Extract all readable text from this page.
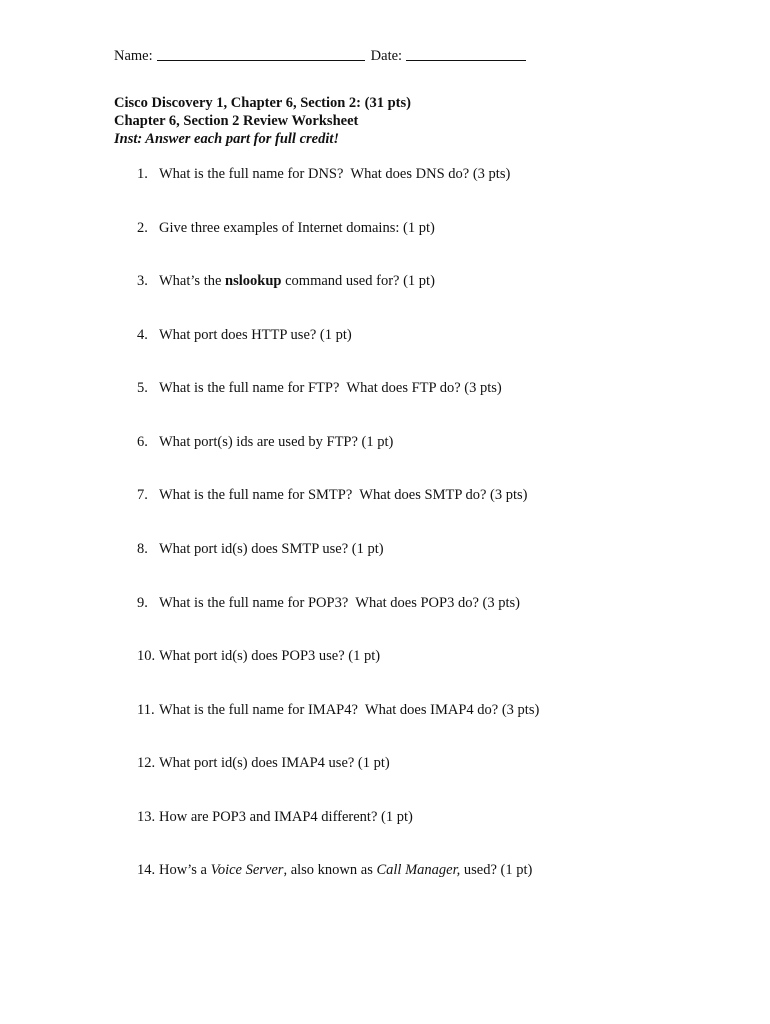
Name:	Date:
Cisco Discovery 1, Chapter 6, Section 2: (31 pts)
Chapter 6, Section 2 Review Worksheet
Inst: Answer each part for full credit!
1. What is the full name for DNS?  What does DNS do? (3 pts)
2. Give three examples of Internet domains: (1 pt)
3. What’s the nslookup command used for? (1 pt)
4. What port does HTTP use? (1 pt)
5. What is the full name for FTP?  What does FTP do? (3 pts)
6. What port(s) ids are used by FTP? (1 pt)
7. What is the full name for SMTP?  What does SMTP do? (3 pts)
8. What port id(s) does SMTP use? (1 pt)
9. What is the full name for POP3?  What does POP3 do? (3 pts)
10. What port id(s) does POP3 use? (1 pt)
11. What is the full name for IMAP4?  What does IMAP4 do? (3 pts)
12. What port id(s) does IMAP4 use? (1 pt)
13. How are POP3 and IMAP4 different? (1 pt)
14. How’s a Voice Server, also known as Call Manager, used? (1 pt)
